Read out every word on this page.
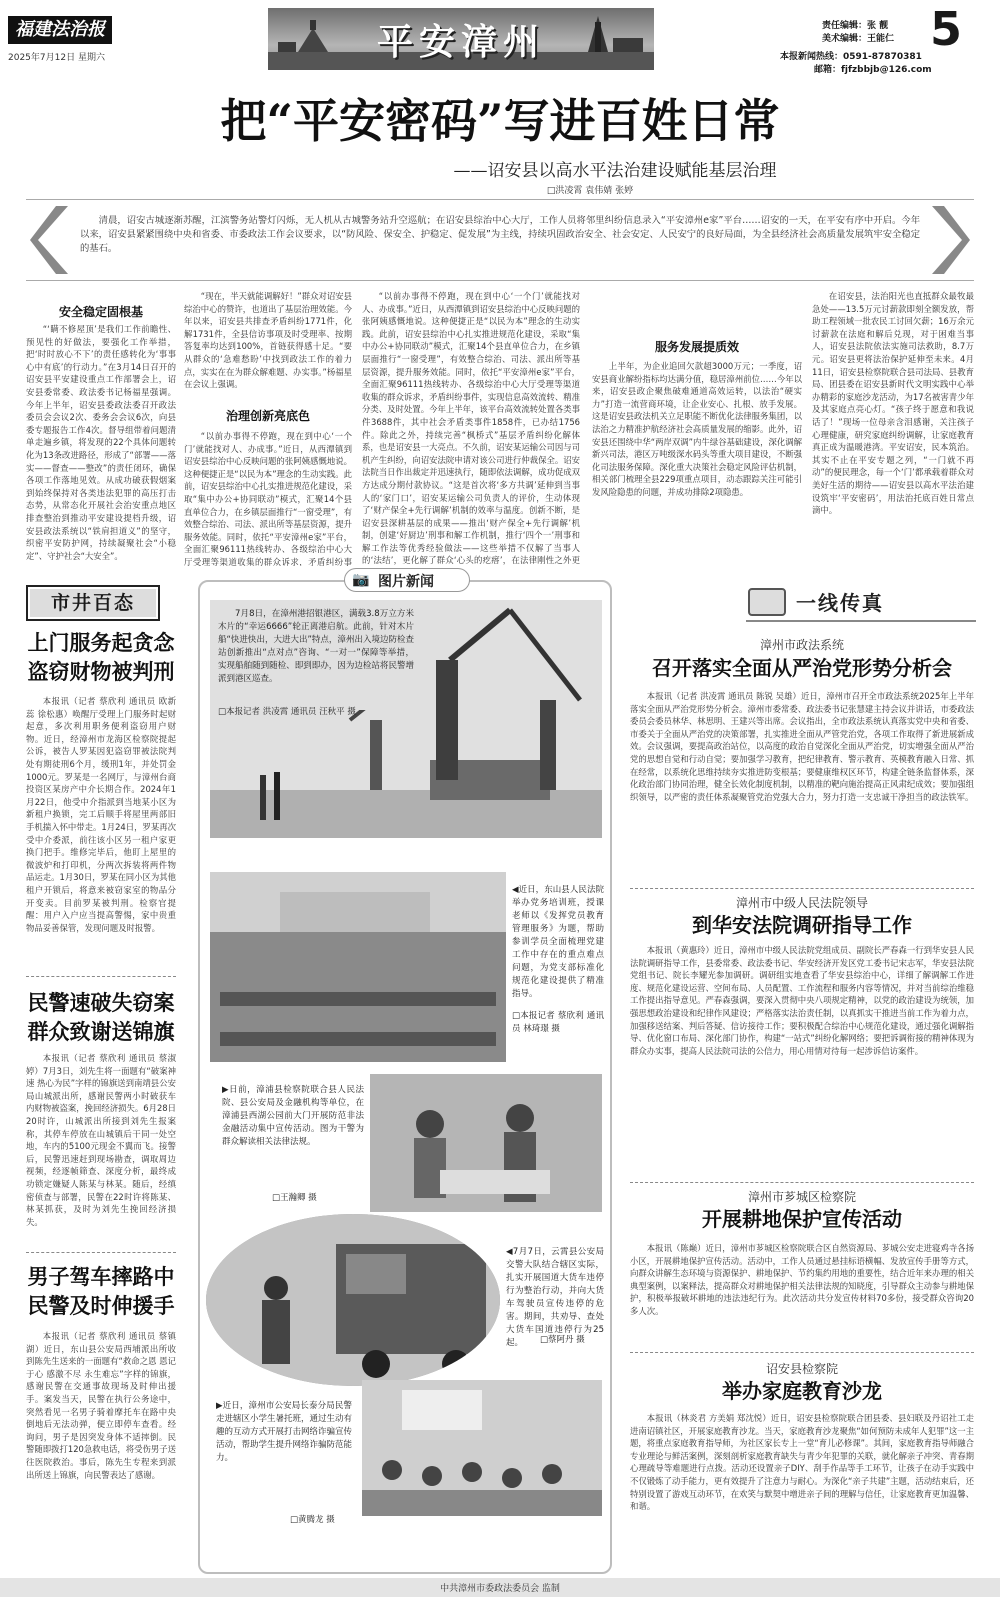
福建法治报
2025年7月12日 星期六	平安漳州	责任编辑：张 靓
美术编辑：王能仁 5
本报新闻热线：0591-87870381
邮箱：fjfzbbjb@126.com
把“平安密码”写进百姓日常
——诏安县以高水平法治建设赋能基层治理
□洪凌霄 袁伟婧 张婷
清晨，诏安古城逐渐苏醒，江滨警务站警灯闪烁，无人机从古城警务站升空巡航；在诏安县综治中心大厅，工作人员将邻里纠纷信息录入“平安漳州e家”平台……诏安的一天，在平安有序中开启。今年以来，诏安县紧紧围绕中央和省委、市委政法工作会议要求，以“防风险、保安全、护稳定、促发展”为主线，持续巩固政治安全、社会安定、人民安宁的良好局面，为全县经济社会高质量发展筑牢安全稳定的基石。
安全稳定固根基
“‘瞒不修屋顶’是我们工作前瞻性、预见性的好做法，要强化工作举措，把‘时时放心不下’的责任感转化为‘事事心中有底’的行动力。”在3月14日召开的诏安县平安建设重点工作部署会上，诏安县委常委、政法委书记杨福星强调。今年上半年，诏安县委政法委召开政法委员会会议2次、委务会会议6次，向县委专题报告工作4次。督导组带着问题清单走遍乡镇，将发现的22个具体问题转化为13条改进路径，形成了“部署——落实——督查——整改”的责任闭环，确保各项工作落地见效。从成功破获假烟案到始终保持对各类违法犯罪的高压打击态势，从常态化开展社会治安重点地区排查整治到推动平安建设提档升级，诏安县政法系统以“铁肩担道义”的坚守，织密平安防护网，持续凝聚社会“小稳定”、守护社会“大安全”。
“现在，半天就能调解好！”群众对诏安县综治中心的赞许，也道出了基层治理效能。今年以来，诏安县共排查矛盾纠纷1771件，化解1731件，全县信访事项及时受理率、按期答复率均达到100%，首链获得感十足。“要从群众的‘急难愁盼’中找到政法工作的着力点，实实在在为群众解难题、办实事。”杨福星在会议上强调。
治理创新亮底色
“以前办事得不停跑，现在到中心‘一个门’就能找对人、办成事。”近日，从西潭镇到诏安县综治中心反映问题的张阿姨感慨地说。这种便捷正是“以民为本”理念的生动实践。此前，诏安县综治中心扎实推进规范化建设，采取“集中办公+协同联动”模式，汇聚14个县直单位合力，在乡镇层面推行“一窗受理”，有效整合综治、司法、派出所等基层资源，提升服务效能。同时，依托“平安漳州e家”平台，全面汇聚96111热线转办、各级综治中心大厅受理等渠道收集的群众诉求，矛盾纠纷事
“以前办事得不停跑，现在到中心‘一个门’就能找对人、办成事。”近日，从西潭镇到诏安县综治中心反映问题的张阿姨感慨地说。这种便捷正是“以民为本”理念的生动实践。此前，诏安县综治中心扎实推进规范化建设，采取“集中办公+协同联动”模式，汇聚14个县直单位合力，在乡镇层面推行“一窗受理”，有效整合综治、司法、派出所等基层资源，提升服务效能。同时，依托“平安漳州e家”平台，全面汇聚96111热线转办、各级综治中心大厅受理等渠道收集的群众诉求，矛盾纠纷事件，实现信息高效流转、精准分类、及时处置。今年上半年，该平台高效流转处置各类事件3688件，其中社会矛盾类事件1858件，已办结1756件。除此之外，持续完善“枫桥式”基层矛盾纠纷化解体系，也是诏安县一大亮点。不久前，诏安某运输公司因与司机产生纠纷，向诏安法院申请对该公司进行仲裁保全。诏安法院当日作出裁定并迅速执行，随即依法调解，成功促成双方达成分期付款协议。“这是首次将‘多方共调’延伸到当事人的‘家门口’，诏安某运输公司负责人的评价，生动体现了‘财产保全+先行调解’机制的效率与温度。创新不断，是诏安县深耕基层的成果——推出‘财产保全+先行调解’机制，创建‘好厨边’刑事和解工作机制，推行‘四个一’刑事和解工作法等优秀经验做法——这些举措不仅解了当事人的‘法结’，更化解了群众‘心头的疙瘩’，在法律刚性之外更
服务发展提质效
上半年，为企业追回欠款超3000万元；一季度，诏安县商业解纷指标均达满分值，稳居漳州前位……今年以来，诏安县政企聚焦破难通道高效运转，以法治“硬实力”打造一流营商环境，让企业安心、扎根、放手发展。这是诏安县政法机关立足职能不断优化法律服务集团，以法治之力精准护航经济社会高质量发展的缩影。此外，诏安县还围绕中华“两岸双调”内牛绿谷基础建设，深化调解新兴司法，港区万吨级深水码头等重大项目建设，不断强化司法服务保障。深化重大决策社会稳定风险评估机制，相关部门梳理全县229项重点项目，动态跟踪关注可能引发风险隐患的问题，并成功排除2项隐患。
在诏安县，法治阳光也直抵群众最牧最急处——13.5万元讨薪款即刻全额发放，帮助工程领域一批农民工讨回欠薪；16万余元讨薪款在法庭和解后兑现，对于困难当事人，诏安县法院依法实施司法救助，8.7万元。诏安县更将法治保护延伸至未来。4月11日，诏安县检察院联合县司法局、县教育局、团县委在诏安县新时代文明实践中心举办精彩的家庭沙龙活动，为17名被害青少年及其家庭点亮心灯。“孩子终于愿意和我说话了！”现场一位母亲含泪感谢，关注孩子心理健康，研究家庭纠纷调解，让家庭教育真正成为温暖港湾。平安诏安，民本筑治。其实不止在平安专题之列，“一门就不再动”的便民理念，每一个‘门’都承载着群众对美好生活的期待——诏安县以高水平法治建设筑牢‘平安密码’，用法治托底百姓日常点滴中。
市井百态
上门服务起贪念 盗窃财物被判刑
本报讯（记者 蔡欣利 通讯员 欧新蕊 徐松惠）唤醒厅受理上门服务时起财起意，多次利用职务便利盗窃用户财物。近日，经漳州市龙海区检察院提起公诉，被告人罗某因犯盗窃罪被法院判处有期徒刑6个月，缓刑1年，并处罚金1000元。罗某是一名网厅，与漳州台商投资区某房产中介长期合作。2024年1月22日，他受中介指派到当地某小区为新租户换锁，完工后顺手将屋里两部旧手机揣入怀中带走。1月24日，罗某再次受中介委派，前往该小区另一租户家更换门把手。维修完毕后，他盯上屋里的微波炉和打印机，分两次拆装将两件物品运走。1月30日，罗某在同小区为其他租户开锁后，将意来被窃家室的物品分开变卖。目前罗某被判刑。检察官提醒：用户入户应当提高警惕，家中贵重物品妥善保管，发现问题及时报警。
民警速破失窃案 群众致谢送锦旗
本报讯（记者 蔡欣利 通讯员 蔡淑婷）7月3日，刘先生将一面题有“破案神速 热心为民”字样的锦旗送到南靖县公安局山城派出所，感谢民警两小时破获车内财物被盗案，挽回经济损失。6月28日20时许，山城派出所接到刘先生报案称，其停车停放在山城镇后干同一处空地，车内的5100元现金不翼而飞。接警后，民警迅速赶到现场勘查，调取周边视频，经逐帧筛查、深度分析，最终成功锁定嫌疑人陈某与林某。随后，经缜密侦查与部署，民警在22时许将陈某、林某抓获，及时为刘先生挽回经济损失。
男子驾车摔路中 民警及时伸援手
本报讯（记者 蔡欣利 通讯员 蔡镇湖）近日，东山县公安局西埔派出所收到陈先生送来的一面题有“救命之恩 恩记于心 感激不尽 永生难忘”字样的锦旗，感谢民警在交通事故现场及时伸出援手。案发当天，民警在执行公务途中，突然看见一名男子骑着摩托车在路中央倒地后无法动弹，便立即停车查看。经询问，男子是因突发身体不适摔倒。民警随即拨打120急救电话，将受伤男子送往医院救治。事后，陈先生专程来到派出所送上锦旗，向民警表达了感谢。
📷 图片新闻
7月8日，在漳州港招银港区，满载3.8万立方米木片的“幸运6666”轮正离港启航。此前，针对木片船“快进快出，大进大出”特点，漳州出入境边防检查站创新推出“点对点”咨询、“一对一”保障等举措，实现船舶随到随检、即到即办，因为边检站将民警增派到港区巡查。
□本报记者 洪凌霄 通讯员 汪秋平 摄
◀近日，东山县人民法院举办党务培训班，授课老师以《发挥党员教育管理服务》为题，帮助参训学员全面梳理党建工作中存在的重点难点问题，为党支部标准化规范化建设提供了精准指导。
□本报记者 蔡欣利 通讯员 林琦璟 摄
▶日前，漳浦县检察院联合县人民法院、县公安局及金融机构等单位，在漳浦县西湖公园前大门开展防范非法金融活动集中宣传活动。图为干警为群众解读相关法律法规。
□王瀚卿 摄
◀7月7日，云霄县公安局交警大队结合辖区实际，扎实开展国道大货车违停行为整治行动，并向大货车驾驶员宣传违停的危害。期间，共劝导、查处大货车国道违停行为25起。	□蔡阿丹 摄
▶近日，漳州市公安局长泰分局民警走进辖区小学生暑托班，通过生动有趣的互动方式开展打击网络诈骗宣传活动，帮助学生提升网络诈骗防范能力。
□黄腾龙 摄
一线传真
漳州市政法系统
召开落实全面从严治党形势分析会
本报讯（记者 洪凌霄 通讯员 陈锐 吴雄）近日，漳州市召开全市政法系统2025年上半年落实全面从严治党形势分析会。漳州市委常委、政法委书记张慧建主持会议并讲话，市委政法委员会委员林华、林思明、王建兴等出席。会议指出，全市政法系统认真落实党中央和省委、市委关于全面从严治党的决策部署，扎实推进全面从严管党治党，各项工作取得了新进展新成效。会议强调，要提高政治站位，以高度的政治自觉深化全面从严治党，切实增强全面从严治党的思想自觉和行动自觉；要加强学习教育，把纪律教育、警示教育、英模教育融入日常、抓在经常，以系统化思维持续夯实推进防变根基；要健康维权区环节，构建全链条监督体系，深化政治部门协同治理，健全长效化制度机制，以精准的靶向施治提高正风肃纪成效；要加强组织领导，以严密的责任体系凝聚管党治党强大合力，努力打造一支忠诚干净担当的政法铁军。
漳州市中级人民法院领导
到华安法院调研指导工作
本报讯（黄惠玲）近日，漳州市中级人民法院党组成员、副院长严春森一行到华安县人民法院调研指导工作，县委常委、政法委书记、华安经济开发区党工委书记宋志军，华安县法院党组书记、院长李耀光参加调研。调研组实地查看了华安县综治中心，详细了解调解工作进度、规范化建设运营、空间布局、人员配置、工作流程和服务内容等情况，并对当前综治维稳工作提出指导意见。严春森强调，要深入贯彻中央八项规定精神，以党的政治建设为统领，加强思想政治建设和纪律作风建设；严格落实法治责任制，以真抓实干推进当前工作为着力点，加强移送结案、判后答疑、信访接待工作；要积极配合综治中心规范化建设，通过强化调解指导、优化窗口布局、深化部门协作，构建“一站式”纠纷化解网络；要把诉调衔接的精神体现为群众办实事，提高人民法院司法的公信力，用心用情对待每一起涉诉信访案件。
漳州市芗城区检察院
开展耕地保护宣传活动
本报讯（陈巅）近日，漳州市芗城区检察院联合区自然资源局、芗城公安走进寝鸡寺各扬小区，开展耕地保护宣传活动。活动中，工作人员通过悬挂标语横幅、发放宣传手册等方式，向群众讲解生态环境与资源保护、耕地保护、节约集约用地的重要性，结合近年来办理的相关典型案例，以案释法，提高群众对耕地保护相关法律法规的知晓度，引导群众主动参与耕地保护，积极举报破坏耕地的违法违纪行为。此次活动共分发宣传材料70多份，接受群众咨询20多人次。
诏安县检察院
举办家庭教育沙龙
本报讯（林炎君 方美娟 郑沈悦）近日，诏安县检察院联合团县委、县妇联及丹诏社工走进南诏镇社区，开展家庭教育沙龙。当天，家庭教育沙龙聚焦“如何预防未成年人犯罪”这一主题，将重点家庭教育指导师，为社区家长专上一堂“育儿必修课”。其间，家庭教育指导师融合专业理论与鲜活案例，深刻剖析家庭教育缺失与青少年犯罪的关联，就化解亲子冲突、青春期心理疏导等难题进行点拨。活动还设置亲子DIY、刮手作品等手工环节，让孩子在动手实践中不仅锻炼了动手能力，更有效提升了注意力与耐心。为深化“亲子共建”主题，活动结束后，还特别设置了游戏互动环节，在欢笑与默契中增进亲子间的理解与信任，让家庭教育更加温馨、和谐。
中共漳州市委政法委员会 监制
